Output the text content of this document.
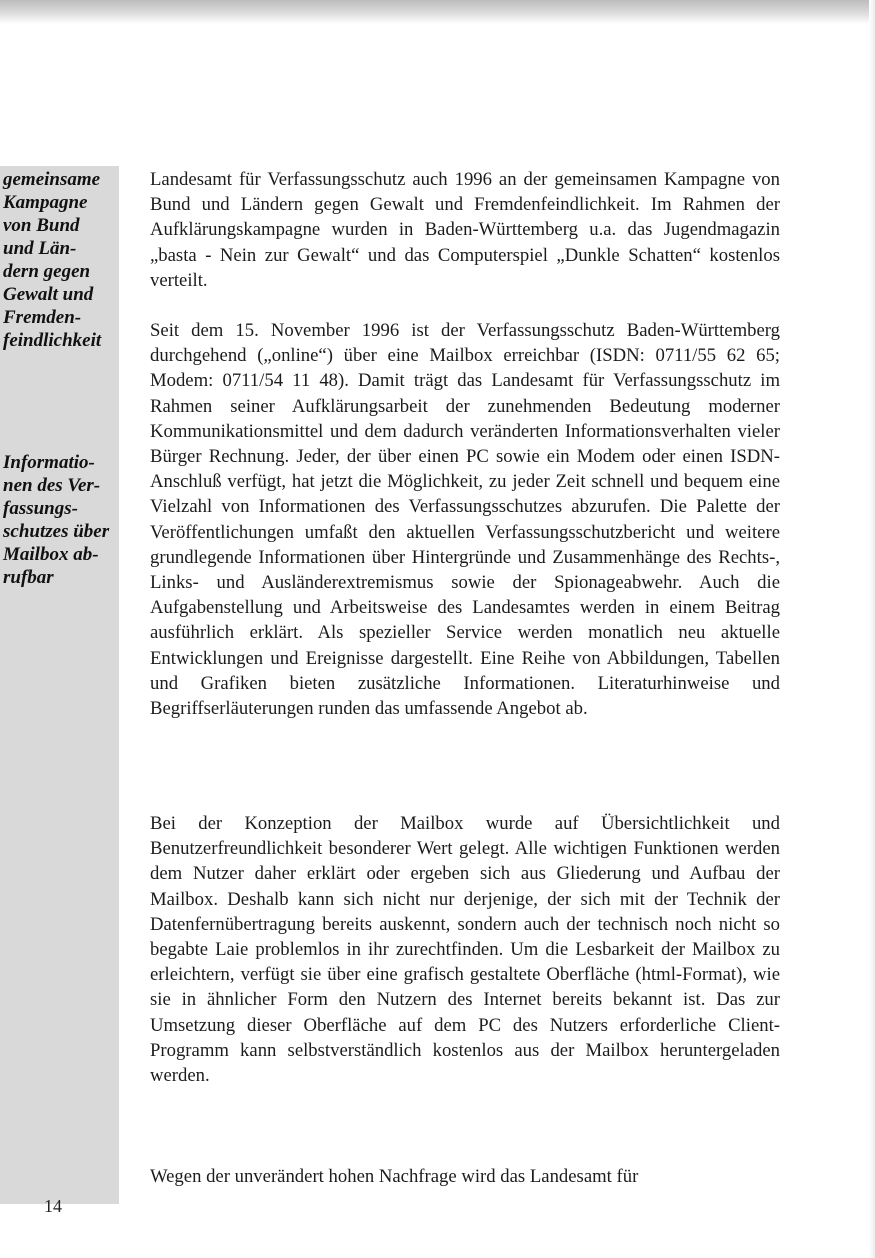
gemeinsame
Kampagne
von Bund
und Län-
dern gegen
Gewalt und
Fremden-
feindlichkeit
Informatio-
nen des Ver-
fassungs-
schutzes über
Mailbox ab-
rufbar

Landesamt für Verfassungsschutz auch 1996 an der gemeinsamen Kampagne von Bund und Ländern gegen Gewalt und Fremdenfeindlichkeit. Im Rahmen der Aufklärungskampagne wurden in Baden-Württemberg u.a. das Jugendmagazin „basta - Nein zur Gewalt“ und das Computerspiel „Dunkle Schatten“ kostenlos verteilt.

Seit dem 15. November 1996 ist der Verfassungsschutz Baden-Württemberg durchgehend („online“) über eine Mailbox erreichbar (ISDN: 0711/55 62 65; Modem: 0711/54 11 48). Damit trägt das Landesamt für Verfassungsschutz im Rahmen seiner Aufklärungsarbeit der zunehmenden Bedeutung moderner Kommunikationsmittel und dem dadurch veränderten Informationsverhalten vieler Bürger Rechnung. Jeder, der über einen PC sowie ein Modem oder einen ISDN-Anschluß verfügt, hat jetzt die Möglichkeit, zu jeder Zeit schnell und bequem eine Vielzahl von Informationen des Verfassungsschutzes abzurufen. Die Palette der Veröffentlichungen umfaßt den aktuellen Verfassungsschutzbericht und weitere grundlegende Informationen über Hintergründe und Zusammenhänge des Rechts-, Links- und Ausländerextremismus sowie der Spionageabwehr. Auch die Aufgabenstellung und Arbeitsweise des Landesamtes werden in einem Beitrag ausführlich erklärt. Als spezieller Service werden monatlich neu aktuelle Entwicklungen und Ereignisse dargestellt. Eine Reihe von Abbildungen, Tabellen und Grafiken bieten zusätzliche Informationen. Literaturhinweise und Begriffserläuterungen runden das umfassende Angebot ab.

Bei der Konzeption der Mailbox wurde auf Übersichtlichkeit und Benutzerfreundlichkeit besonderer Wert gelegt. Alle wichtigen Funktionen werden dem Nutzer daher erklärt oder ergeben sich aus Gliederung und Aufbau der Mailbox. Deshalb kann sich nicht nur derjenige, der sich mit der Technik der Datenfernübertragung bereits auskennt, sondern auch der technisch noch nicht so begabte Laie problemlos in ihr zurechtfinden. Um die Lesbarkeit der Mailbox zu erleichtern, verfügt sie über eine grafisch gestaltete Oberfläche (html-Format), wie sie in ähnlicher Form den Nutzern des Internet bereits bekannt ist. Das zur Umsetzung dieser Oberfläche auf dem PC des Nutzers erforderliche Client-Programm kann selbstverständlich kostenlos aus der Mailbox heruntergeladen werden.

Wegen der unverändert hohen Nachfrage wird das Landesamt für

14
